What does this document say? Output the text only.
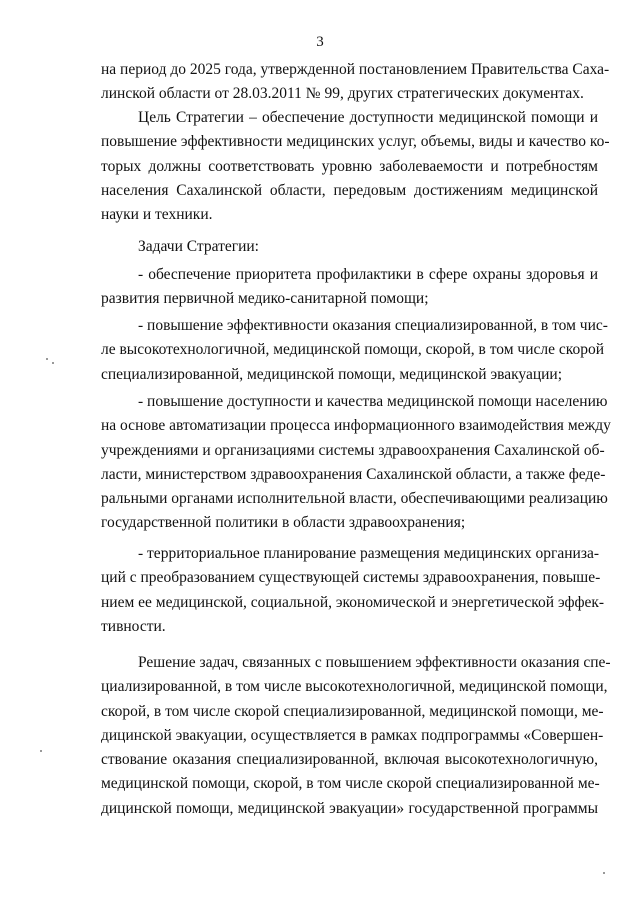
3
на период до 2025 года, утвержденной постановлением Правительства Саха-
линской области от 28.03.2011 № 99, других стратегических документах.
Цель Стратегии – обеспечение доступности медицинской помощи и
повышение эффективности медицинских услуг, объемы, виды и качество ко-
торых должны соответствовать уровню заболеваемости и потребностям
населения Сахалинской области, передовым достижениям медицинской
науки и техники.
Задачи Стратегии:
- обеспечение приоритета профилактики в сфере охраны здоровья и
развития первичной медико-санитарной помощи;
- повышение эффективности оказания специализированной, в том чис-
ле высокотехнологичной, медицинской помощи, скорой, в том числе скорой
специализированной, медицинской помощи, медицинской эвакуации;
- повышение доступности и качества медицинской помощи населению
на основе автоматизации процесса информационного взаимодействия между
учреждениями и организациями системы здравоохранения Сахалинской об-
ласти, министерством здравоохранения Сахалинской области, а также феде-
ральными органами исполнительной власти, обеспечивающими реализацию
государственной политики в области здравоохранения;
- территориальное планирование размещения медицинских организа-
ций с преобразованием существующей системы здравоохранения, повыше-
нием ее медицинской, социальной, экономической и энергетической эффек-
тивности.
Решение задач, связанных с повышением эффективности оказания спе-
циализированной, в том числе высокотехнологичной, медицинской помощи,
скорой, в том числе скорой специализированной, медицинской помощи, ме-
дицинской эвакуации, осуществляется в рамках подпрограммы «Совершен-
ствование оказания специализированной, включая высокотехнологичную,
медицинской помощи, скорой, в том числе скорой специализированной ме-
дицинской помощи, медицинской эвакуации» государственной программы
